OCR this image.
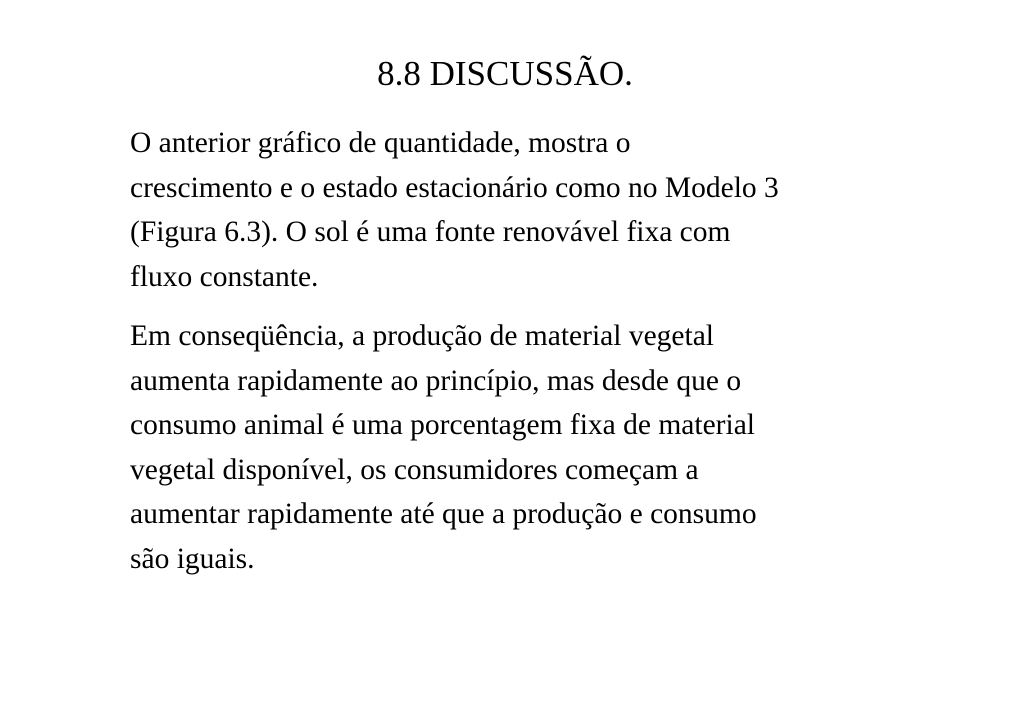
8.8 DISCUSSÃO.

O anterior gráfico de quantidade, mostra o
crescimento e o estado estacionário como no Modelo 3
(Figura 6.3). O sol é uma fonte renovável fixa com
fluxo constante.

Em conseqüência, a produção de material vegetal
aumenta rapidamente ao princípio, mas desde que o
consumo animal é uma porcentagem fixa de material
vegetal disponível, os consumidores começam a
aumentar rapidamente até que a produção e consumo
são iguais.
